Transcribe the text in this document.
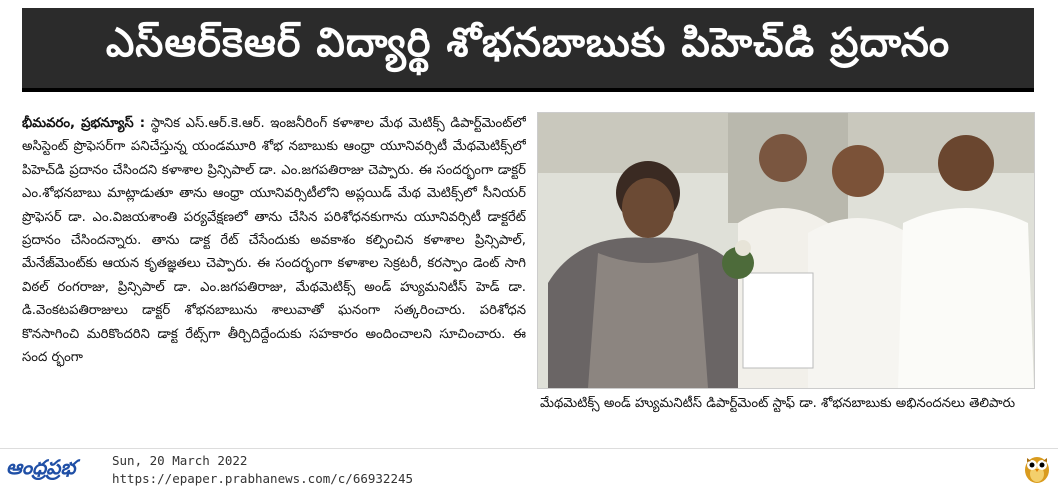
ఎస్ఆర్‌కెఆర్ విద్యార్థి శోభనబాబుకు పిహెచ్‌డి ప్రదానం
భీమవరం, ప్రభన్యూస్ : స్థానిక ఎస్.ఆర్.కె.ఆర్. ఇంజనీరింగ్ కళాశాల మేథ మెటిక్స్ డిపార్ట్‌మెంట్‌లో అసిస్టెంట్ ప్రొఫెసర్‌గా పనిచేస్తున్న యండమూరి శోభ నబాబుకు ఆంధ్రా యూనివర్సిటీ మేథమెటిక్స్‌లో పిహెచ్‌డి ప్రదానం చేసిందని కళాశాల ప్రిన్సిపాల్ డా. ఎం.జగపతిరాజు చెప్పారు. ఈ సందర్భంగా డాక్టర్ ఎం.శోభనబాబు మాట్లాడుతూ తాను ఆంధ్రా యూనివర్సిటీలోని అప్లయిడ్ మేథ మెటిక్స్‌లో సీనియర్ ప్రొఫెసర్ డా. ఎం.విజయశాంతి పర్యవేక్షణలో తాను చేసిన పరిశోధనకుగాను యూనివర్సిటీ డాక్టరేట్ ప్రదానం చేసిందన్నారు. తాను డాక్ట రేట్ చేసేందుకు అవకాశం కల్పించిన కళాశాల ప్రిన్సిపాల్, మేనేజ్‌మెంట్‌కు ఆయన కృతజ్ఞతలు చెప్పారు. ఈ సందర్భంగా కళాశాల సెక్రటరీ, కరస్పాం డెంట్ సాగి విఠల్ రంగరాజు, ప్రిన్సిపాల్ డా. ఎం.జగపతిరాజు, మేథమెటిక్స్ అండ్ హ్యుమనిటీస్ హెడ్ డా. డి.వెంకటపతిరాజులు డాక్టర్ శోభనబాబును శాలువాతో ఘనంగా సత్కరించారు. పరిశోధన కొనసాగించి మరికొందరిని డాక్ట రేట్స్‌గా తీర్చిదిద్దేందుకు సహకారం అందించాలని సూచించారు. ఈ సంద ర్భంగా
మేథమెటిక్స్ అండ్ హ్యుమనిటీస్ డిపార్ట్‌మెంట్ స్టాఫ్ డా. శోభనబాబుకు అభినందనలు తెలిపారు
ఆంధ్రప్రభ	Sun, 20 March 2022
https://epaper.prabhanews.com/c/66932245
